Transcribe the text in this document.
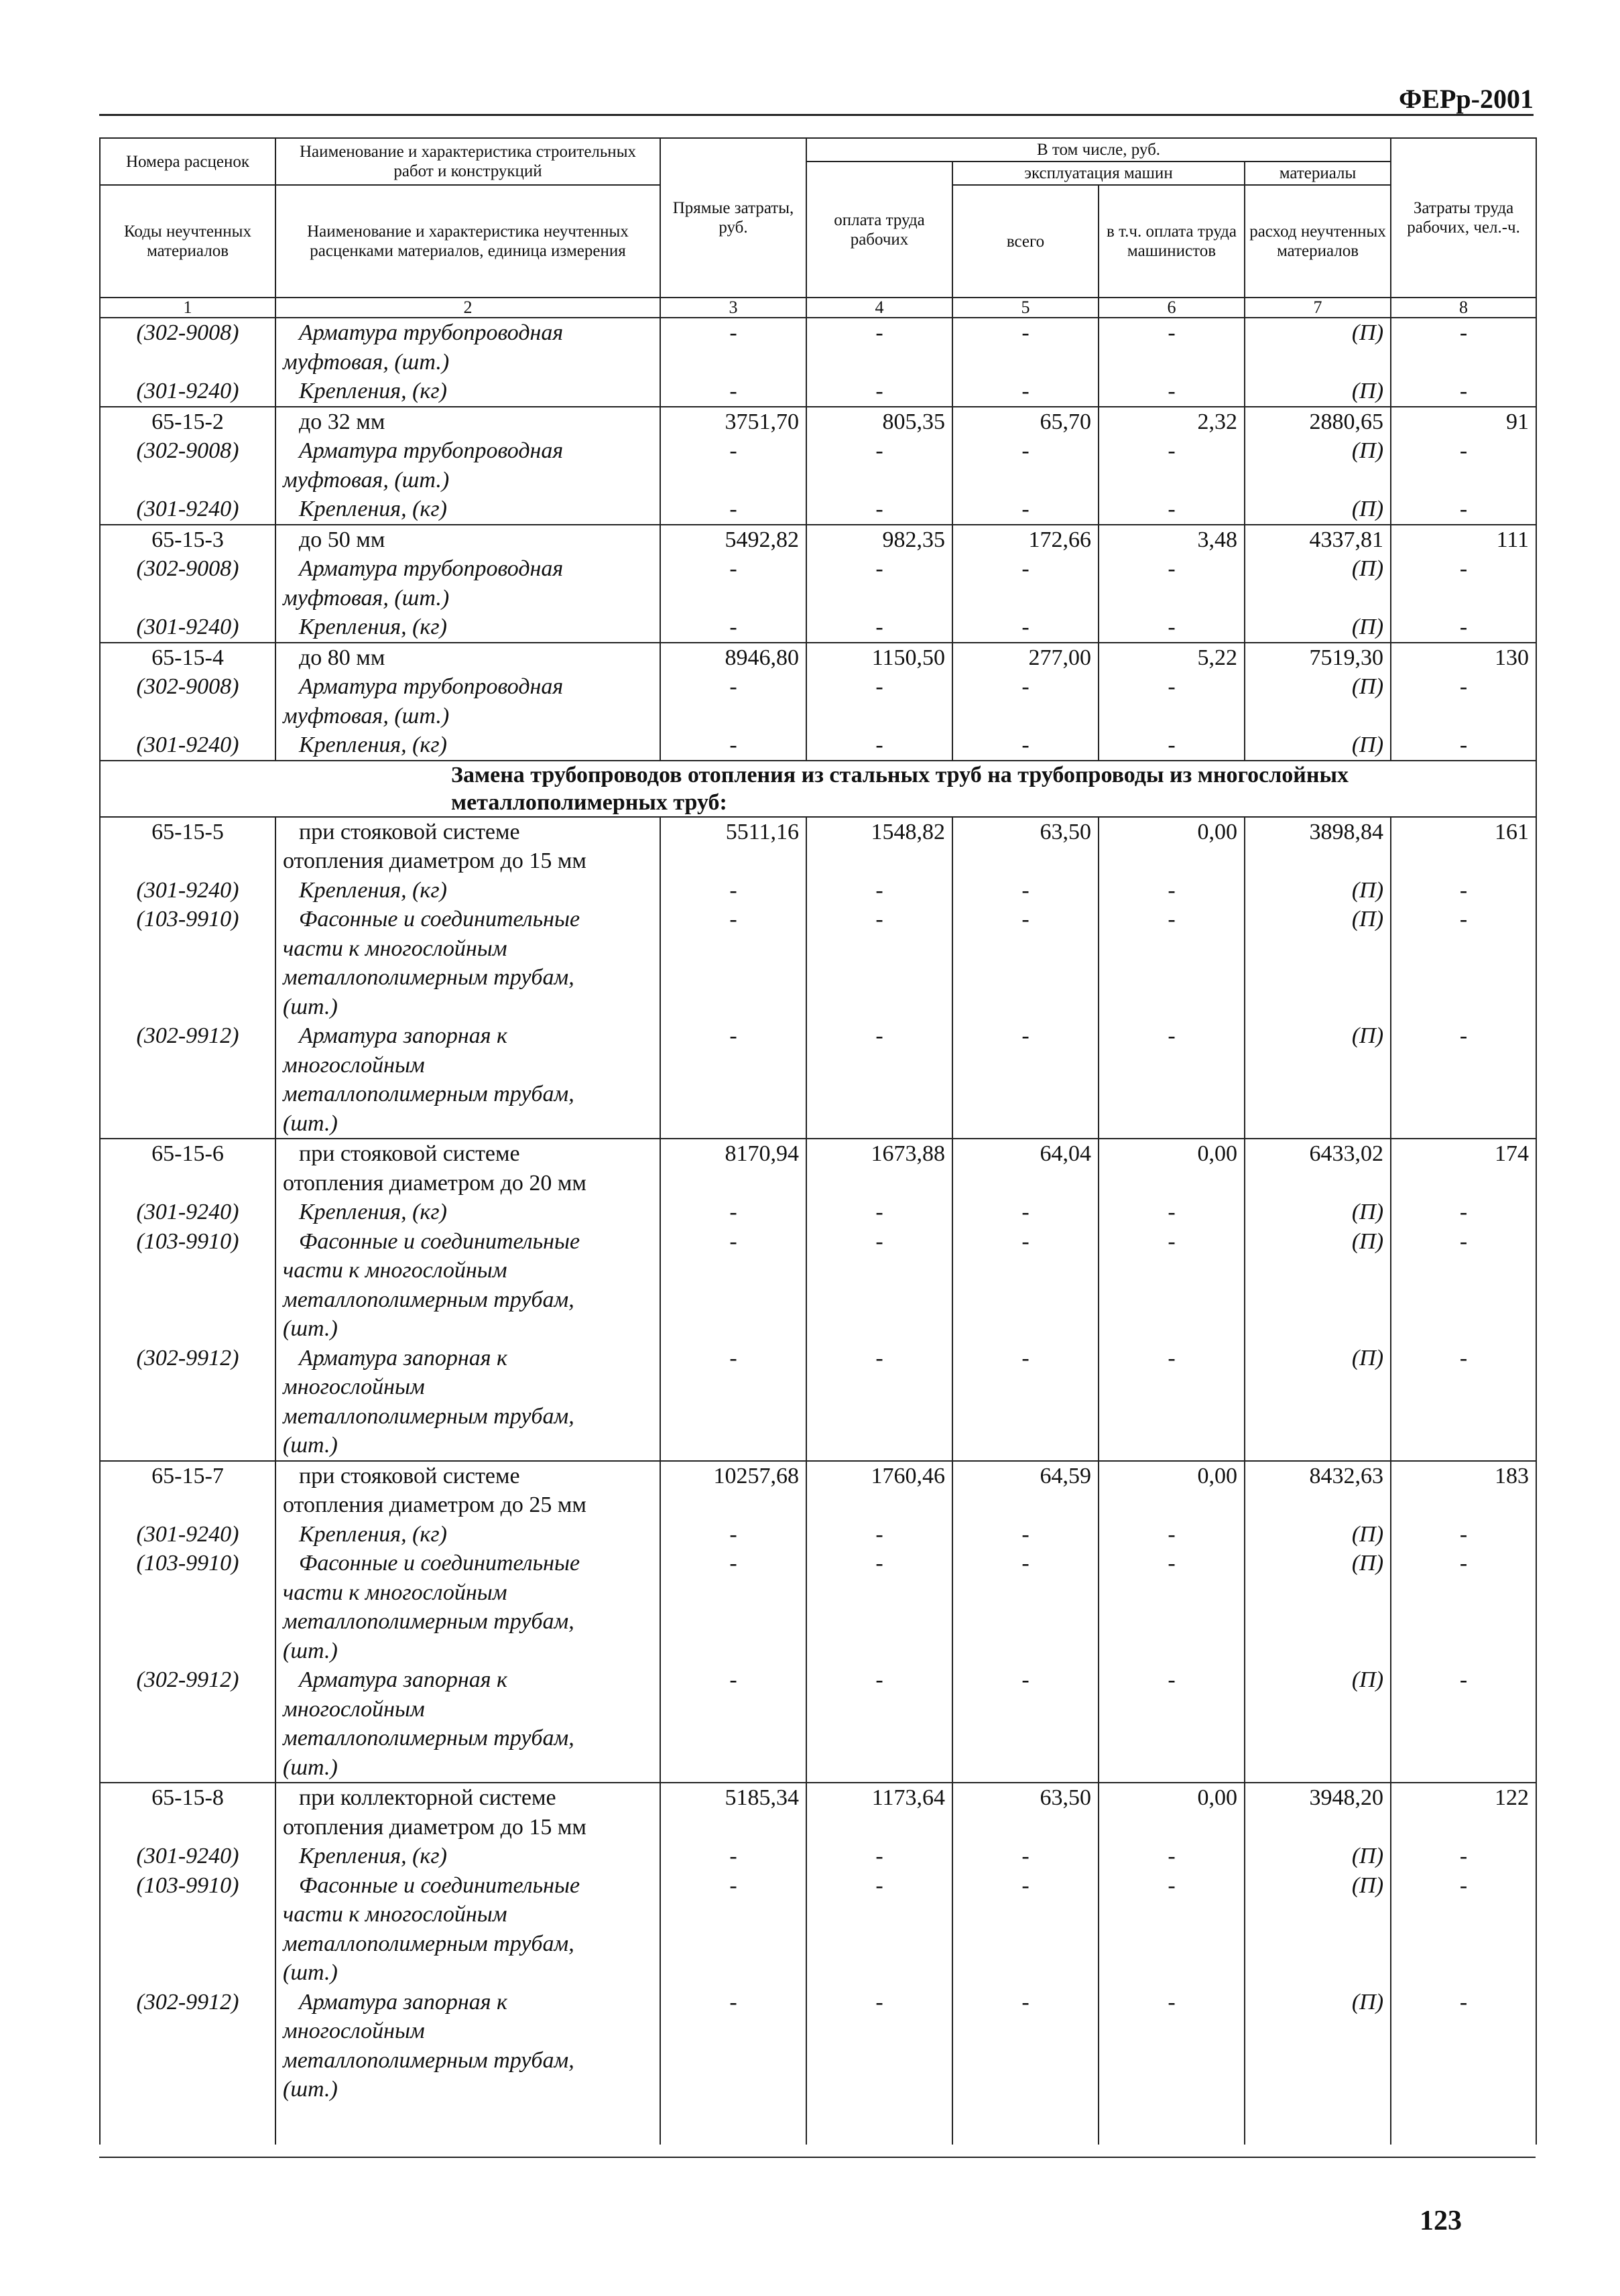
ФЕРр-2001
Номера расценок	Наименование и характеристика строительных работ и конструкций	Прямые затраты, руб.	В том числе, руб.				Затраты труда рабочих, чел.-ч.
			оплата труда рабочих	эксплуатация машин		материалы	
Коды неучтенных материалов	Наименование и характеристика неучтенных расценками материалов, единица измерения			всего	в т.ч. оплата труда машинистов	расход неучтенных материалов	
1	2	3	4	5	6	7	8
(302-9008)	Арматура трубопроводная	-	-	-	-	(П)	-
	муфтовая, (шт.)						
(301-9240)	Крепления, (кг)	-	-	-	-	(П)	-
65-15-2	до 32 мм	3751,70	805,35	65,70	2,32	2880,65	91
(302-9008)	Арматура трубопроводная	-	-	-	-	(П)	-
	муфтовая, (шт.)						
(301-9240)	Крепления, (кг)	-	-	-	-	(П)	-
65-15-3	до 50 мм	5492,82	982,35	172,66	3,48	4337,81	111
(302-9008)	Арматура трубопроводная	-	-	-	-	(П)	-
	муфтовая, (шт.)						
(301-9240)	Крепления, (кг)	-	-	-	-	(П)	-
65-15-4	до 80 мм	8946,80	1150,50	277,00	5,22	7519,30	130
(302-9008)	Арматура трубопроводная	-	-	-	-	(П)	-
	муфтовая, (шт.)						
(301-9240)	Крепления, (кг)	-	-	-	-	(П)	-

	Замена трубопроводов отопления из стальных труб на трубопроводы из многослойных
металлополимерных труб:						

65-15-5	при стояковой системе	5511,16	1548,82	63,50	0,00	3898,84	161
	отопления диаметром до 15 мм						
(301-9240)	Крепления, (кг)	-	-	-	-	(П)	-
(103-9910)	Фасонные и соединительные	-	-	-	-	(П)	-
	части к многослойным						
	металлополимерным трубам,						
	(шт.)						
(302-9912)	Арматура запорная к	-	-	-	-	(П)	-
	многослойным						
	металлополимерным трубам,						
	(шт.)						
65-15-6	при стояковой системе	8170,94	1673,88	64,04	0,00	6433,02	174
	отопления диаметром до 20 мм						
(301-9240)	Крепления, (кг)	-	-	-	-	(П)	-
(103-9910)	Фасонные и соединительные	-	-	-	-	(П)	-
	части к многослойным						
	металлополимерным трубам,						
	(шт.)						
(302-9912)	Арматура запорная к	-	-	-	-	(П)	-
	многослойным						
	металлополимерным трубам,						
	(шт.)						
65-15-7	при стояковой системе	10257,68	1760,46	64,59	0,00	8432,63	183
	отопления диаметром до 25 мм						
(301-9240)	Крепления, (кг)	-	-	-	-	(П)	-
(103-9910)	Фасонные и соединительные	-	-	-	-	(П)	-
	части к многослойным						
	металлополимерным трубам,						
	(шт.)						
(302-9912)	Арматура запорная к	-	-	-	-	(П)	-
	многослойным						
	металлополимерным трубам,						
	(шт.)						
65-15-8	при коллекторной системе	5185,34	1173,64	63,50	0,00	3948,20	122
	отопления диаметром до 15 мм						
(301-9240)	Крепления, (кг)	-	-	-	-	(П)	-
(103-9910)	Фасонные и соединительные	-	-	-	-	(П)	-
	части к многослойным						
	металлополимерным трубам,						
	(шт.)						
(302-9912)	Арматура запорная к	-	-	-	-	(П)	-
	многослойным						
	металлополимерным трубам,						
	(шт.)						

123
